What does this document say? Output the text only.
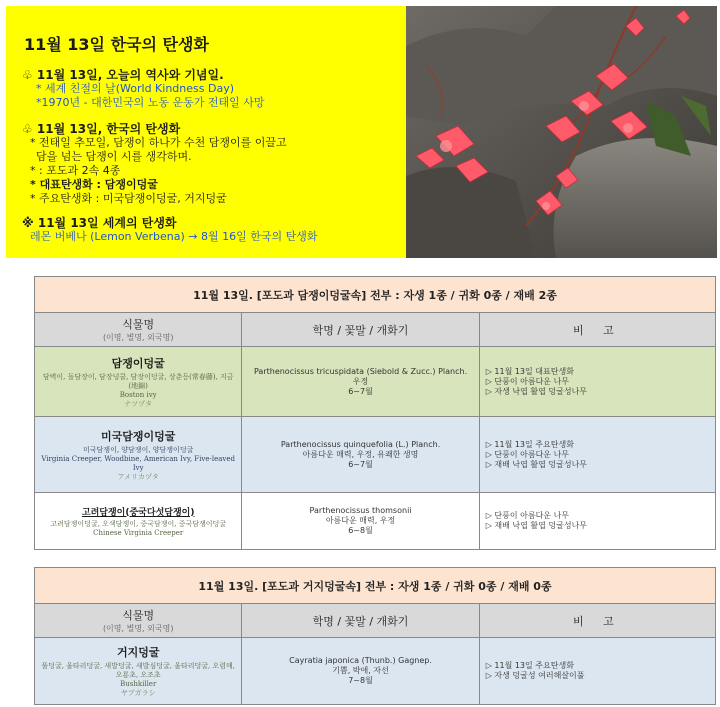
11월 13일 한국의 탄생화
♧ 11월 13일, 오늘의 역사와 기념일.
* 세계 친절의 날(World Kindness Day)
*1970년 - 대한민국의 노동 운동가 전태일 사망
♧ 11월 13일, 한국의 탄생화
* 전태일 추모일, 담쟁이 하나가 수천 담쟁이를 이끌고
담을 넘는 담쟁이 시를 생각하며.
* : 포도과 2속 4종
* 대표탄생화 : 담쟁이덩굴
* 주요탄생화 : 미국담쟁이덩굴, 거지덩굴
※ 11월 13일 세계의 탄생화
레몬 버베나 (Lemon Verbena) → 8월 16일 한국의 탄생화
11월 13일. [포도과 담쟁이덩굴속] 전부 : 자생 1종 / 귀화 0종 / 재배 2종
식물명
(이명, 별명, 외국명)
학명 / 꽃말 / 개화기	비 고
담쟁이덩굴
담벽이, 돌담장이, 담장넝쿨, 담장이덩굴, 상춘등(常春藤), 지금(地錦)
Boston ivy
ナツヅタ
Parthenocissus tricuspidata (Siebold & Zucc.) Planch.
우정
6~7월
▷ 11월 13일 대표탄생화
▷ 단풍이 아름다운 나무
▷ 자생 낙엽 활엽 덩굴성나무
미국담쟁이덩굴
미국담쟁이, 양담쟁이, 양담쟁이덩굴
Virginia Creeper, Woodbine, American Ivy, Five-leaved Ivy
アメリカヅタ
Parthenocissus quinquefolia (L.) Planch.
아름다운 매력, 우정, 유쾌한 생명
6~7월
▷ 11월 13일 주요탄생화
▷ 단풍이 아름다운 나무
▷ 재배 낙엽 활엽 덩굴성나무
고려담쟁이(중국다섯담쟁이)
고려담쟁이덩굴, 오색담쟁이, 중국담쟁이, 중국담쟁이덩굴
Chinese Virginia Creeper
Parthenocissus thomsonii
아름다운 매력, 우정
6~8월
▷ 단풍이 아름다운 나무
▷ 재배 낙엽 활엽 덩굴성나무
11월 13일. [포도과 거지덩굴속] 전부 : 자생 1종 / 귀화 0종 / 재배 0종
식물명
(이명, 별명, 외국명)
학명 / 꽃말 / 개화기	비 고
거지덩굴
풀덩굴, 울타리덩굴, 새발덩굴, 새발심덩굴, 울타리덩굴, 오렴매, 오룡초, 오조초
Bushkiller
ヤブガラシ
Cayratia japonica (Thunb.) Gagnep.
기쁨, 박애, 자선
7~8월
▷ 11월 13일 주요탄생화
▷ 자생 덩굴성 여러해살이풀
